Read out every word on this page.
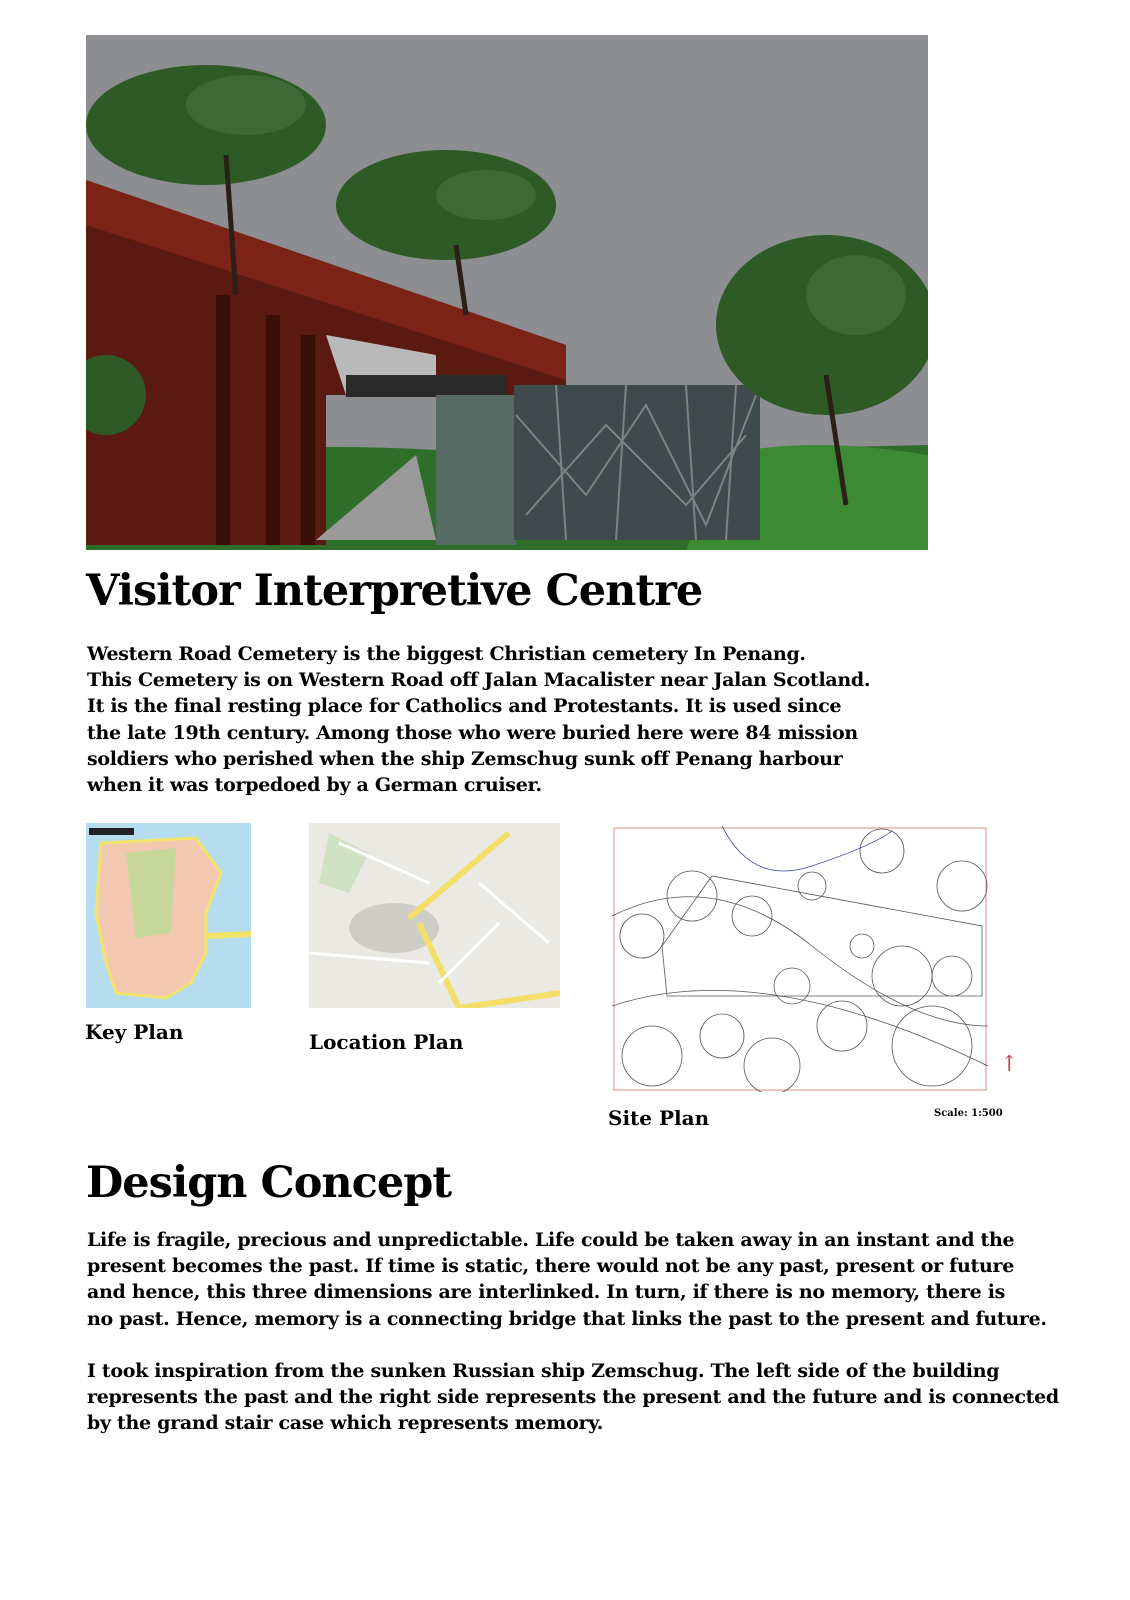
Visitor Interpretive Centre
Western Road Cemetery is the biggest Christian cemetery In Penang.
This Cemetery is on Western Road off Jalan Macalister near Jalan Scotland.
It is the final resting place for Catholics and Protestants. It is used since
the late 19th century. Among those who were buried here were 84 mission
soldiers who perished when the ship Zemschug sunk off Penang harbour
when it was torpedoed by a German cruiser.
Key Plan	Location Plan
↑
Site Plan	Scale: 1:500
Design Concept
Life is fragile, precious and unpredictable. Life could be taken away in an instant and the
present becomes the past. If time is static, there would not be any past, present or future
and hence, this three dimensions are interlinked. In turn, if there is no memory, there is
no past. Hence, memory is a connecting bridge that links the past to the present and future.
I took inspiration from the sunken Russian ship Zemschug. The left side of the building
represents the past and the right side represents the present and the future and is connected
by the grand stair case which represents memory.
